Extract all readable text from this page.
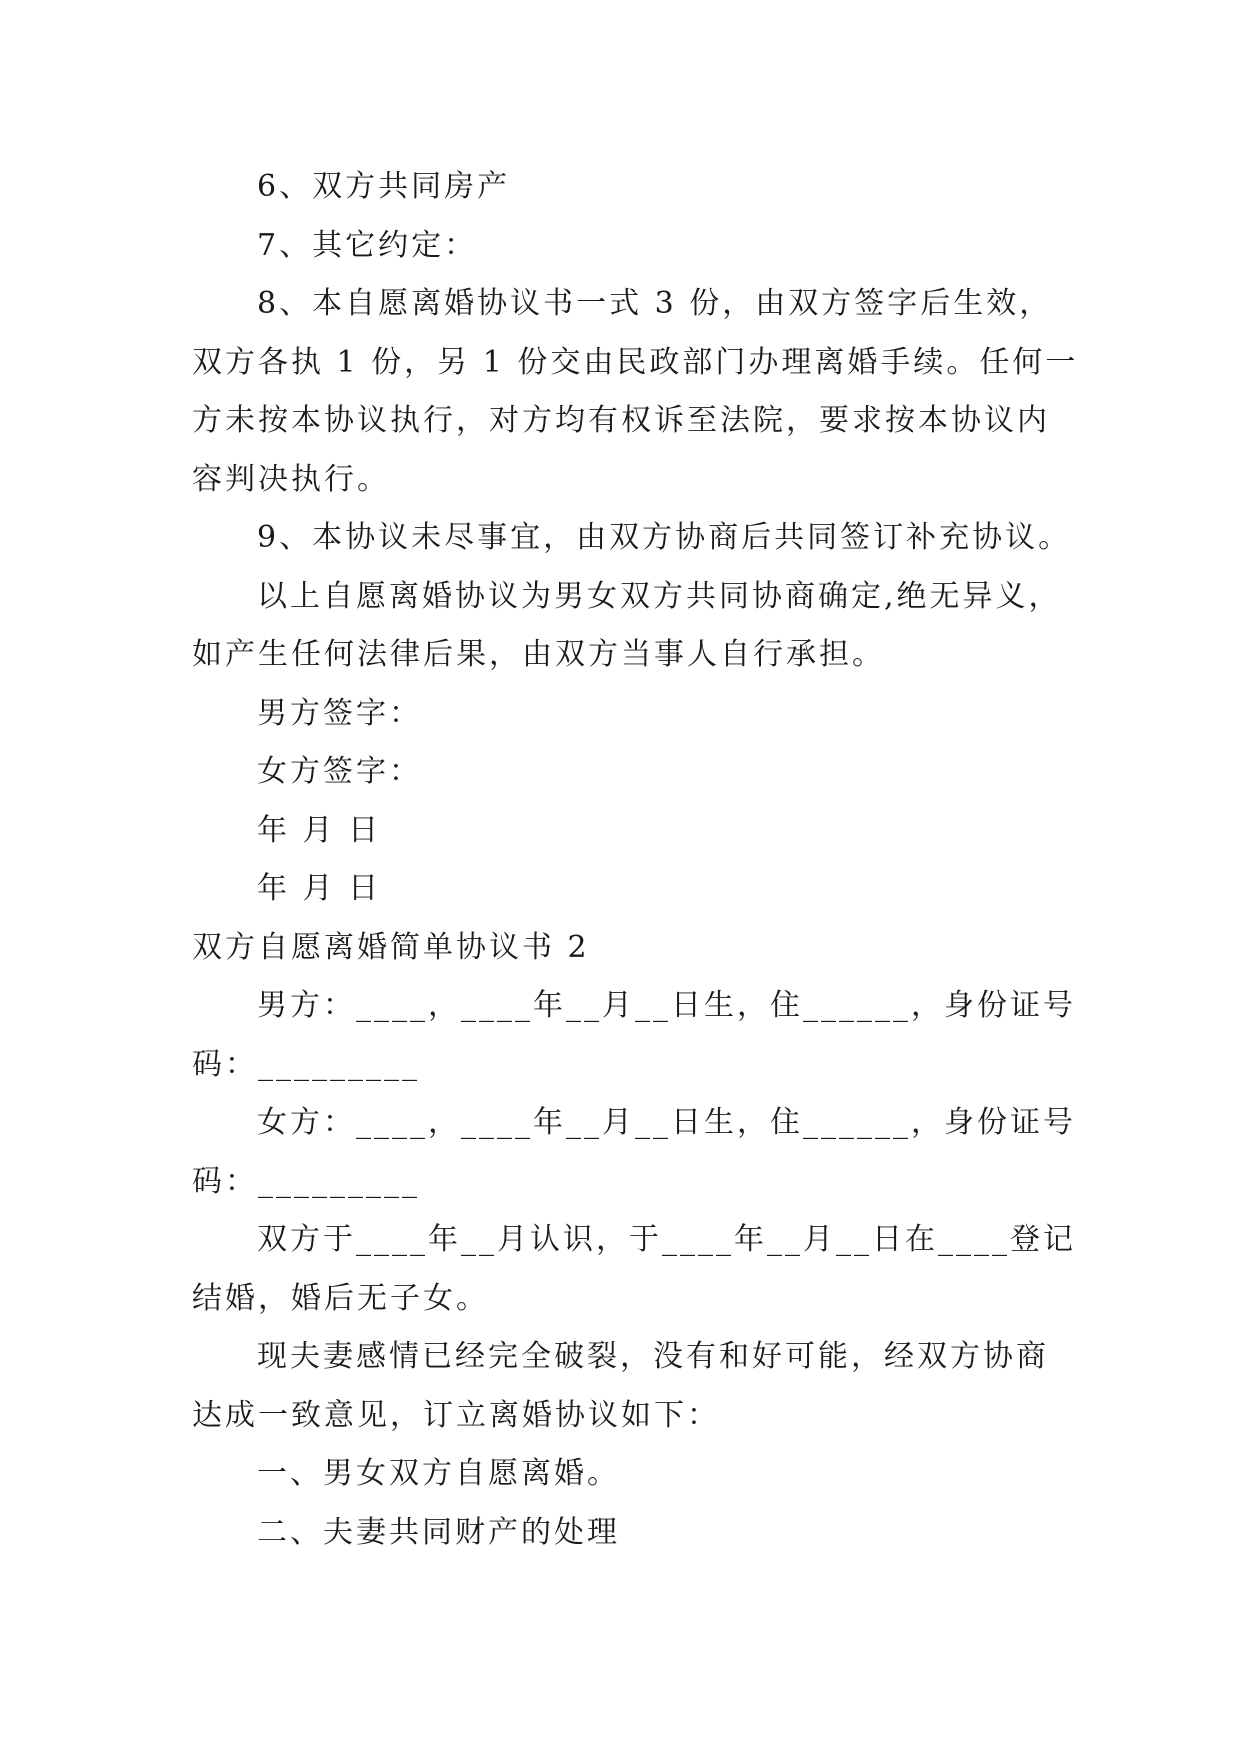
6、双方共同房产
7、其它约定：
8、本自愿离婚协议书一式 3 份，由双方签字后生效，
双方各执 1 份，另 1 份交由民政部门办理离婚手续。任何一
方未按本协议执行，对方均有权诉至法院，要求按本协议内
容判决执行。
9、本协议未尽事宜，由双方协商后共同签订补充协议。
以上自愿离婚协议为男女双方共同协商确定,绝无异义，
如产生任何法律后果，由双方当事人自行承担。
男方签字：
女方签字：
年 月 日
年 月 日
双方自愿离婚简单协议书 2
男方：____，____年__月__日生，住______，身份证号
码：_________
女方：____，____年__月__日生，住______，身份证号
码：_________
双方于____年__月认识，于____年__月__日在____登记
结婚，婚后无子女。
现夫妻感情已经完全破裂，没有和好可能，经双方协商
达成一致意见，订立离婚协议如下：
一、男女双方自愿离婚。
二、夫妻共同财产的处理
